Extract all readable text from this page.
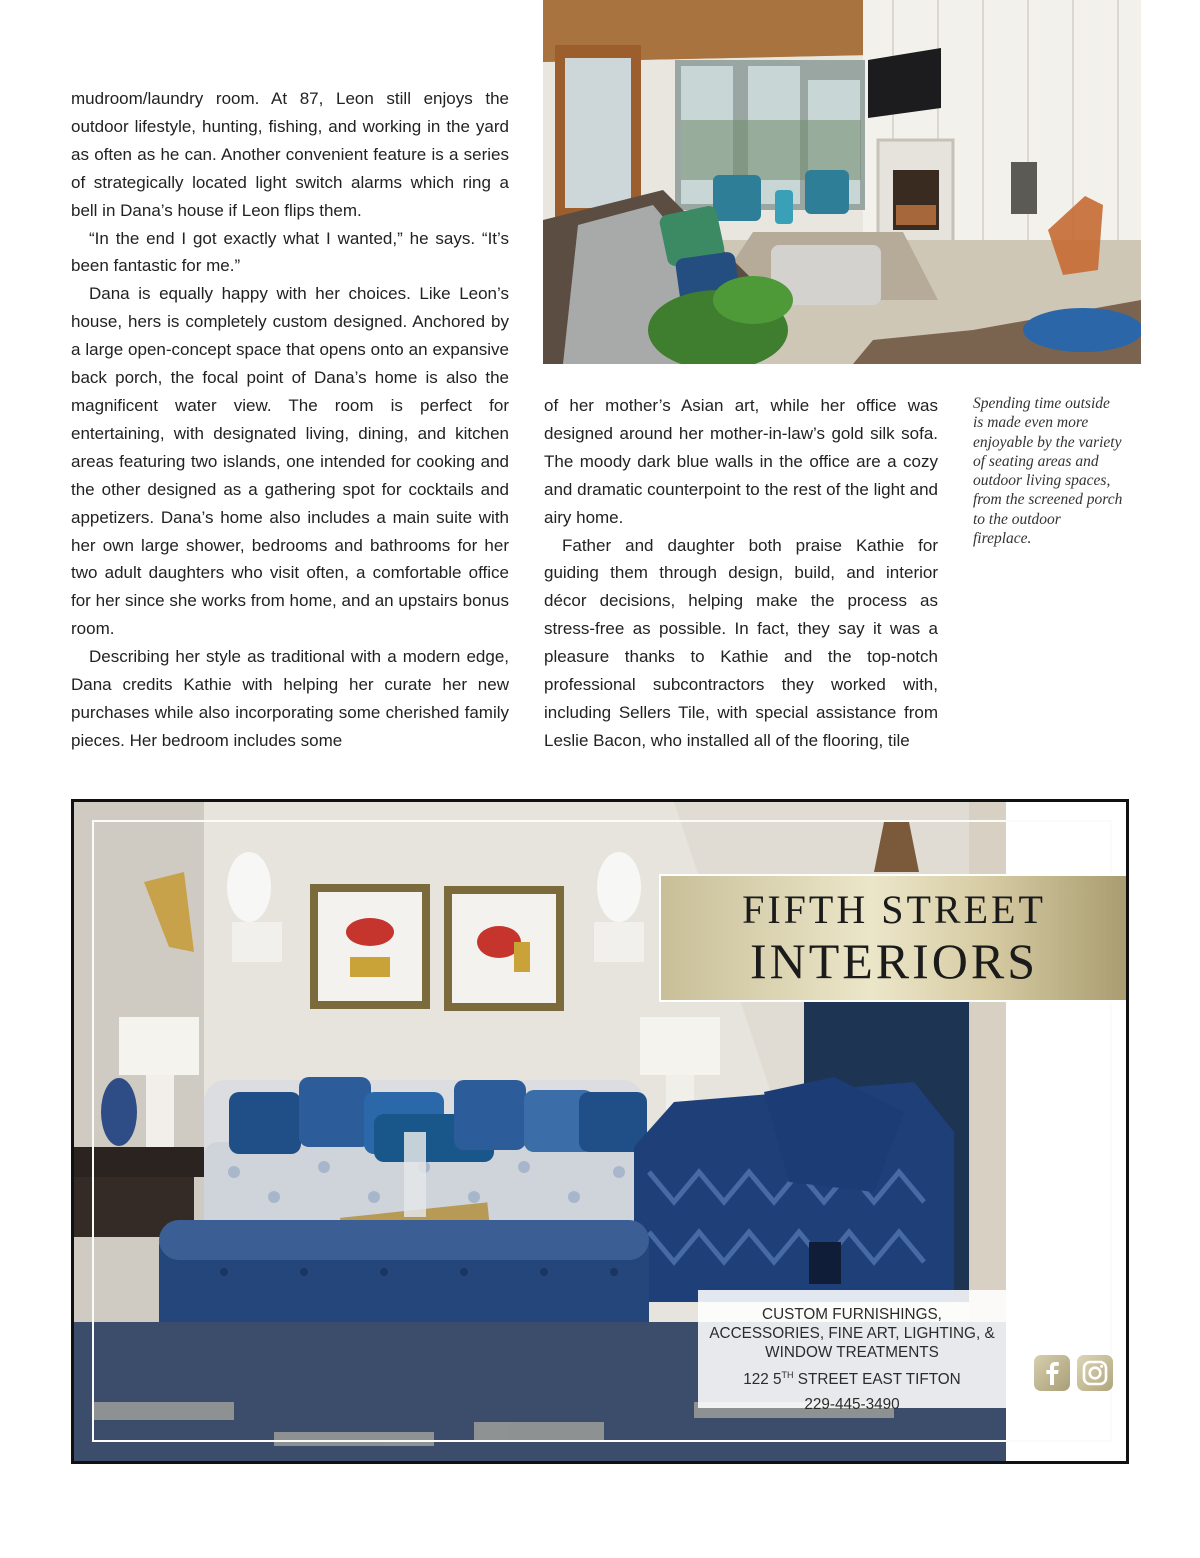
mudroom/laundry room. At 87, Leon still enjoys the outdoor lifestyle, hunting, fishing, and working in the yard as often as he can. Another convenient feature is a series of strategically located light switch alarms which ring a bell in Dana’s house if Leon flips them.

“In the end I got exactly what I wanted,” he says. “It’s been fantastic for me.”

Dana is equally happy with her choices. Like Leon’s house, hers is completely custom designed. Anchored by a large open-concept space that opens onto an expansive back porch, the focal point of Dana’s home is also the magnificent water view. The room is perfect for entertaining, with designated living, dining, and kitchen areas featuring two islands, one intended for cooking and the other designed as a gathering spot for cocktails and appetizers. Dana’s home also includes a main suite with her own large shower, bedrooms and bathrooms for her two adult daughters who visit often, a comfortable office for her since she works from home, and an upstairs bonus room.

Describing her style as traditional with a modern edge, Dana credits Kathie with helping her curate her new purchases while also incorporating some cherished family pieces. Her bedroom includes some

of her mother’s Asian art, while her office was designed around her mother-in-law’s gold silk sofa. The moody dark blue walls in the office are a cozy and dramatic counterpoint to the rest of the light and airy home.

Father and daughter both praise Kathie for guiding them through design, build, and interior décor decisions, helping make the process as stress-free as possible. In fact, they say it was a pleasure thanks to Kathie and the top-notch professional subcontractors they worked with, including Sellers Tile, with special assistance from Leslie Bacon, who installed all of the flooring, tile

Spending time outside is made even more enjoyable by the variety of seating areas and outdoor living spaces, from the screened porch to the outdoor fireplace.
FIFTH STREET
INTERIORS
CUSTOM FURNISHINGS, ACCESSORIES, FINE ART, LIGHTING, & WINDOW TREATMENTS
122 5TH STREET EAST TIFTON
229-445-3490
